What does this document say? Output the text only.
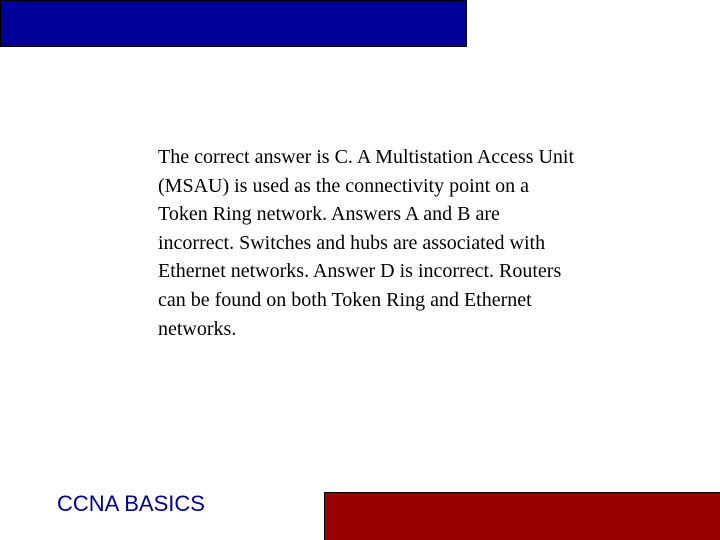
The correct answer is C. A Multistation Access Unit (MSAU) is used as the connectivity point on a Token Ring network. Answers A and B are incorrect. Switches and hubs are associated with Ethernet networks. Answer D is incorrect. Routers can be found on both Token Ring and Ethernet networks.

CCNA BASICS
